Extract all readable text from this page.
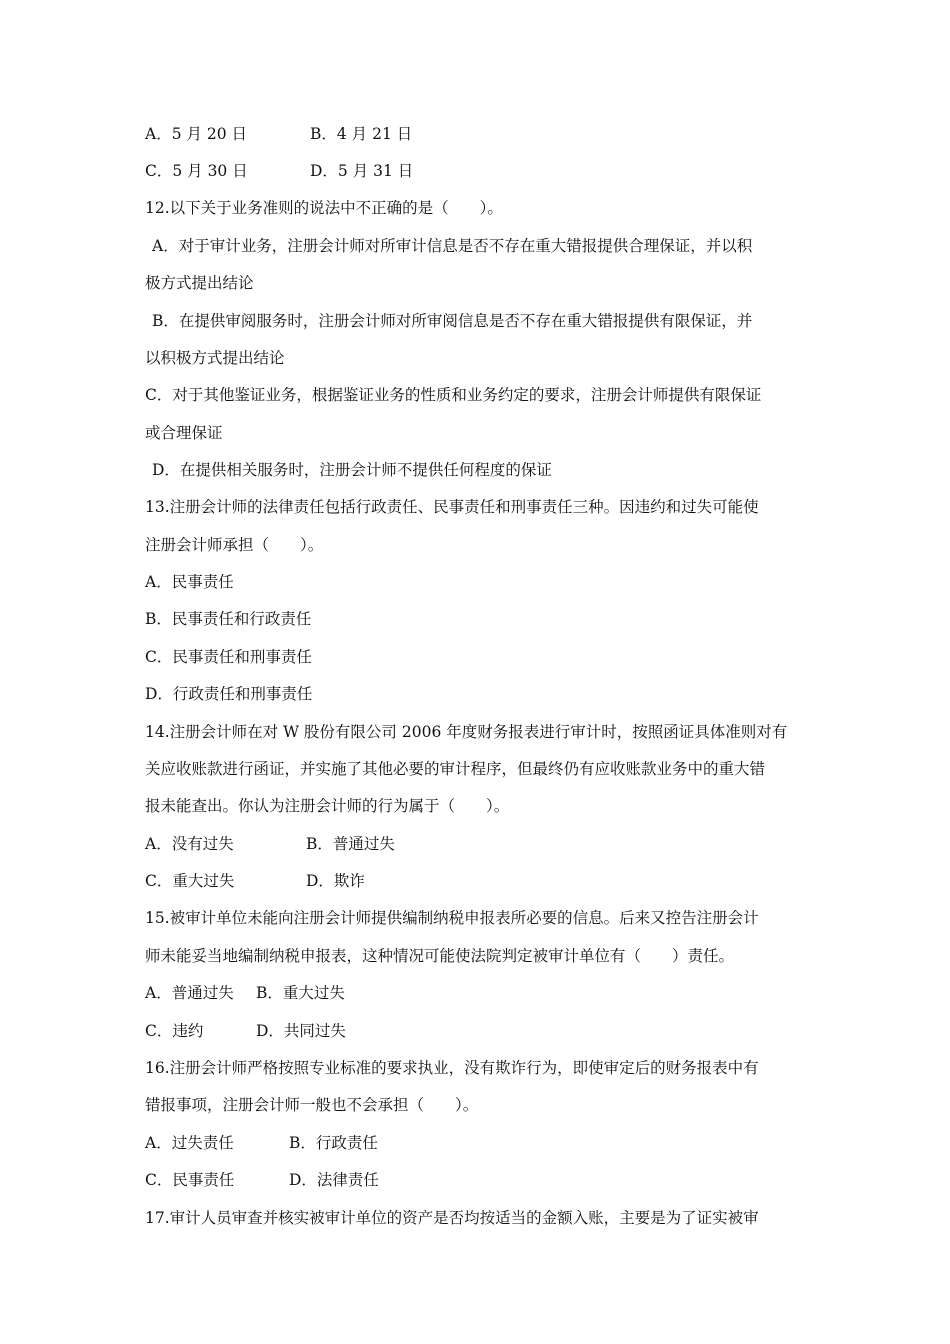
A．5 月 20 日	B．4 月 21 日
C．5 月 30 日	D．5 月 31 日
12.以下关于业务准则的说法中不正确的是（　　）。
A．对于审计业务，注册会计师对所审计信息是否不存在重大错报提供合理保证，并以积
极方式提出结论
B．在提供审阅服务时，注册会计师对所审阅信息是否不存在重大错报提供有限保证，并
以积极方式提出结论
C．对于其他鉴证业务，根据鉴证业务的性质和业务约定的要求，注册会计师提供有限保证
或合理保证
D．在提供相关服务时，注册会计师不提供任何程度的保证
13.注册会计师的法律责任包括行政责任、民事责任和刑事责任三种。因违约和过失可能使
注册会计师承担（　　）。
A．民事责任
B．民事责任和行政责任
C．民事责任和刑事责任
D．行政责任和刑事责任
14.注册会计师在对 W 股份有限公司 2006 年度财务报表进行审计时，按照函证具体准则对有
关应收账款进行函证，并实施了其他必要的审计程序，但最终仍有应收账款业务中的重大错
报未能查出。你认为注册会计师的行为属于（　　）。
A．没有过失	B．普通过失
C．重大过失	D．欺诈
15.被审计单位未能向注册会计师提供编制纳税申报表所必要的信息。后来又控告注册会计
师未能妥当地编制纳税申报表，这种情况可能使法院判定被审计单位有（　　）责任。
A．普通过失 B．重大过失
C．违约	D．共同过失
16.注册会计师严格按照专业标准的要求执业，没有欺诈行为，即使审定后的财务报表中有
错报事项，注册会计师一般也不会承担（　　）。
A．过失责任	B．行政责任
C．民事责任	D．法律责任
17.审计人员审查并核实被审计单位的资产是否均按适当的金额入账，主要是为了证实被审
